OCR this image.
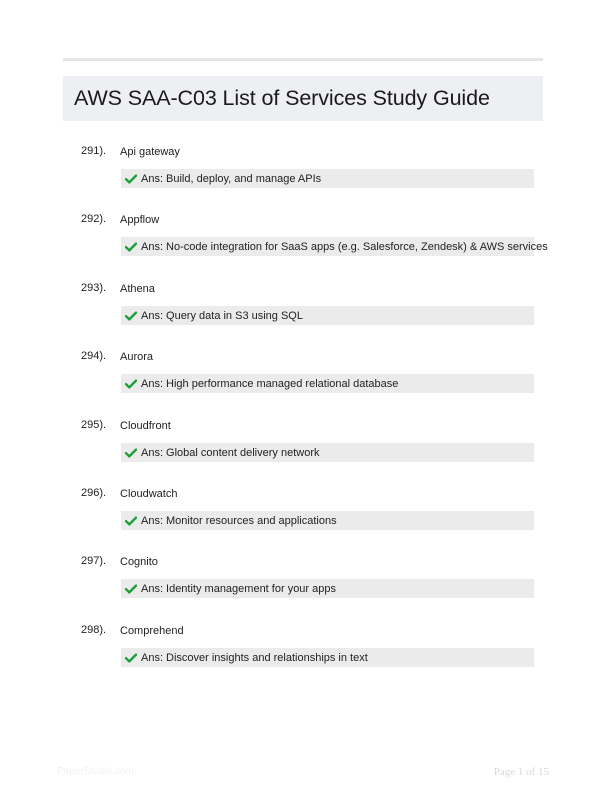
AWS SAA-C03 List of Services Study Guide
291). Api gateway
Ans: Build, deploy, and manage APIs
292). Appflow
Ans: No-code integration for SaaS apps (e.g. Salesforce, Zendesk) & AWS services
293). Athena
Ans: Query data in S3 using SQL
294). Aurora
Ans: High performance managed relational database
295). Cloudfront
Ans: Global content delivery network
296). Cloudwatch
Ans: Monitor resources and applications
297). Cognito
Ans: Identity management for your apps
298). Comprehend
Ans: Discover insights and relationships in text
PaperStudio.com	Page 1 of 15
